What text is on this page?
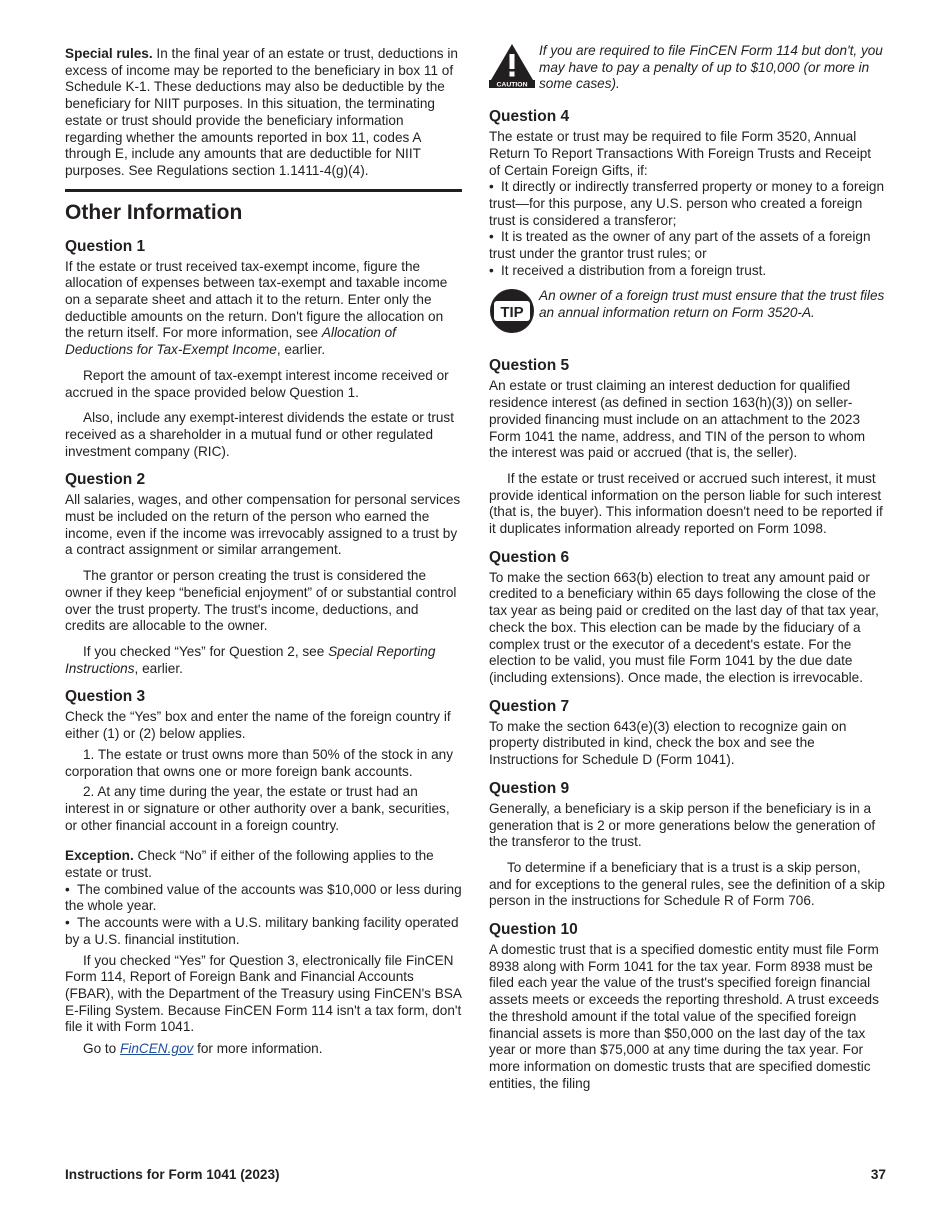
Special rules. In the final year of an estate or trust, deductions in excess of income may be reported to the beneficiary in box 11 of Schedule K-1. These deductions may also be deductible by the beneficiary for NIIT purposes. In this situation, the terminating estate or trust should provide the beneficiary information regarding whether the amounts reported in box 11, codes A through E, include any amounts that are deductible for NIIT purposes. See Regulations section 1.1411-4(g)(4).

Other Information
Question 1

If the estate or trust received tax-exempt income, figure the allocation of expenses between tax-exempt and taxable income on a separate sheet and attach it to the return. Enter only the deductible amounts on the return. Don't figure the allocation on the return itself. For more information, see Allocation of Deductions for Tax-Exempt Income, earlier.

Report the amount of tax-exempt interest income received or accrued in the space provided below Question 1.

Also, include any exempt-interest dividends the estate or trust received as a shareholder in a mutual fund or other regulated investment company (RIC).

Question 2

All salaries, wages, and other compensation for personal services must be included on the return of the person who earned the income, even if the income was irrevocably assigned to a trust by a contract assignment or similar arrangement.

The grantor or person creating the trust is considered the owner if they keep “beneficial enjoyment” of or substantial control over the trust property. The trust's income, deductions, and credits are allocable to the owner.

If you checked “Yes” for Question 2, see Special Reporting Instructions, earlier.

Question 3

Check the “Yes” box and enter the name of the foreign country if either (1) or (2) below applies.

1. The estate or trust owns more than 50% of the stock in any corporation that owns one or more foreign bank accounts.

2. At any time during the year, the estate or trust had an interest in or signature or other authority over a bank, securities, or other financial account in a foreign country.

Exception. Check “No” if either of the following applies to the estate or trust.

• The combined value of the accounts was $10,000 or less during the whole year.

• The accounts were with a U.S. military banking facility operated by a U.S. financial institution.

If you checked “Yes” for Question 3, electronically file FinCEN Form 114, Report of Foreign Bank and Financial Accounts (FBAR), with the Department of the Treasury using FinCEN's BSA E-Filing System. Because FinCEN Form 114 isn't a tax form, don't file it with Form 1041.

Go to FinCEN.gov for more information.

CAUTION
If you are required to file FinCEN Form 114 but don't, you may have to pay a penalty of up to $10,000 (or more in some cases).
Question 4

The estate or trust may be required to file Form 3520, Annual Return To Report Transactions With Foreign Trusts and Receipt of Certain Foreign Gifts, if:

• It directly or indirectly transferred property or money to a foreign trust—for this purpose, any U.S. person who created a foreign trust is considered a transferor;

• It is treated as the owner of any part of the assets of a foreign trust under the grantor trust rules; or

• It received a distribution from a foreign trust.

TIP
An owner of a foreign trust must ensure that the trust files an annual information return on Form 3520-A.
Question 5

An estate or trust claiming an interest deduction for qualified residence interest (as defined in section 163(h)(3)) on seller-provided financing must include on an attachment to the 2023 Form 1041 the name, address, and TIN of the person to whom the interest was paid or accrued (that is, the seller).

If the estate or trust received or accrued such interest, it must provide identical information on the person liable for such interest (that is, the buyer). This information doesn't need to be reported if it duplicates information already reported on Form 1098.

Question 6

To make the section 663(b) election to treat any amount paid or credited to a beneficiary within 65 days following the close of the tax year as being paid or credited on the last day of that tax year, check the box. This election can be made by the fiduciary of a complex trust or the executor of a decedent's estate. For the election to be valid, you must file Form 1041 by the due date (including extensions). Once made, the election is irrevocable.

Question 7

To make the section 643(e)(3) election to recognize gain on property distributed in kind, check the box and see the Instructions for Schedule D (Form 1041).

Question 9

Generally, a beneficiary is a skip person if the beneficiary is in a generation that is 2 or more generations below the generation of the transferor to the trust.

To determine if a beneficiary that is a trust is a skip person, and for exceptions to the general rules, see the definition of a skip person in the instructions for Schedule R of Form 706.

Question 10

A domestic trust that is a specified domestic entity must file Form 8938 along with Form 1041 for the tax year. Form 8938 must be filed each year the value of the trust's specified foreign financial assets meets or exceeds the reporting threshold. A trust exceeds the threshold amount if the total value of the specified foreign financial assets is more than $50,000 on the last day of the tax year or more than $75,000 at any time during the tax year. For more information on domestic trusts that are specified domestic entities, the filing

Instructions for Form 1041 (2023)	37
